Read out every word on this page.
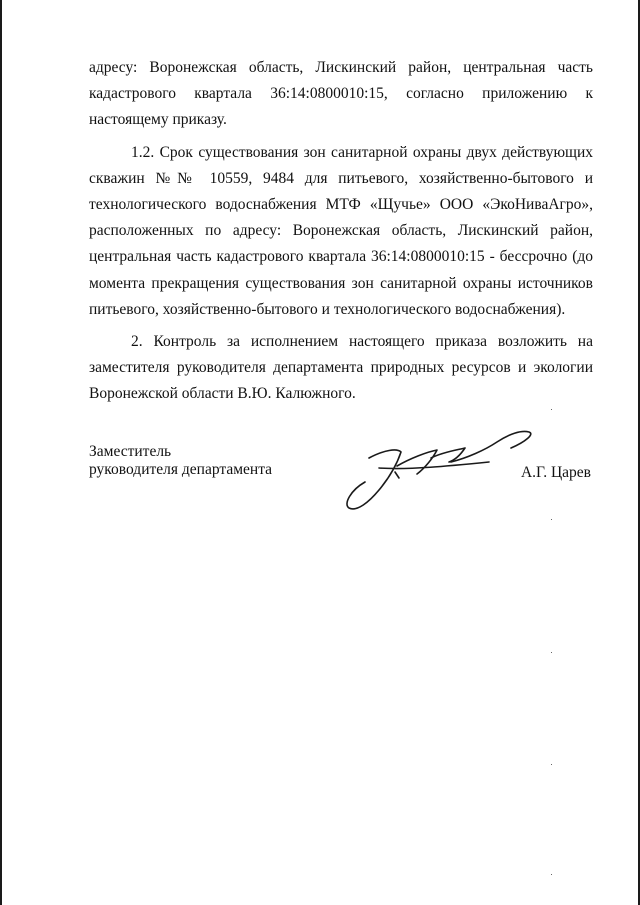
адресу: Воронежская область, Лискинский район, центральная часть кадастрового квартала 36:14:0800010:15, согласно приложению к настоящему приказу.

1.2. Срок существования зон санитарной охраны двух действующих скважин №№ 10559, 9484 для питьевого, хозяйственно-бытового и технологического водоснабжения МТФ «Щучье» ООО «ЭкоНиваАгро», расположенных по адресу: Воронежская область, Лискинский район, центральная часть кадастрового квартала 36:14:0800010:15 - бессрочно (до момента прекращения существования зон санитарной охраны источников питьевого, хозяйственно-бытового и технологического водоснабжения).

2. Контроль за исполнением настоящего приказа возложить на заместителя руководителя департамента природных ресурсов и экологии Воронежской области В.Ю. Калюжного.

Заместитель
руководителя департамента	А.Г. Царев
